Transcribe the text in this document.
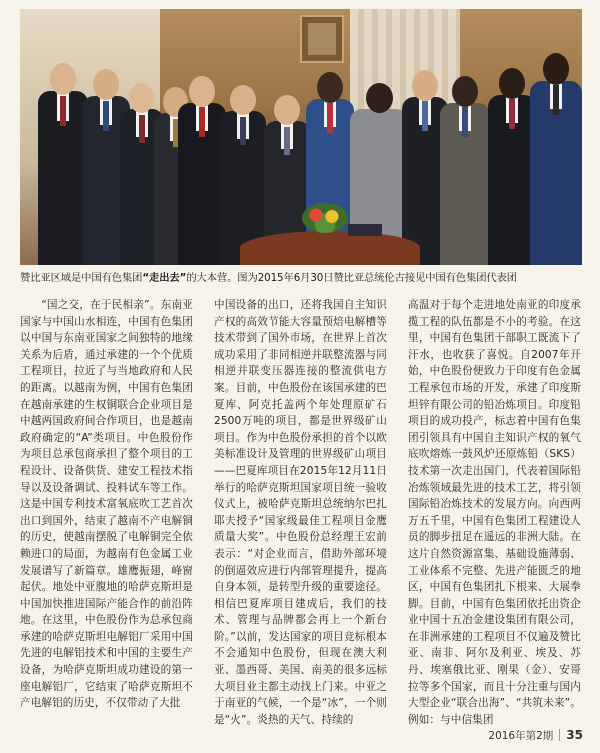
赞比亚区域是中国有色集团“走出去”的大本营。图为2015年6月30日赞比亚总统伦古接见中国有色集团代表团

“国之交，在于民相亲”。东南亚国家与中国山水相连，中国有色集团以中国与东南亚国家之间独特的地缘关系为后盾，通过承建的一个个优质工程项目，拉近了与当地政府和人民的距离。以越南为例，中国有色集团在越南承建的生权铜联合企业项目是中越两国政府间合作项目，也是越南政府确定的“A”类项目。中色股份作为项目总承包商承担了整个项目的工程设计、设备供货、建安工程技术指导以及设备调试、投料试车等工作。这是中国专利技术富氧底吹工艺首次出口到国外，结束了越南不产电解铜的历史，使越南摆脱了电解铜完全依赖进口的局面，为越南有色金属工业发展谱写了新篇章。雄鹰振翅，峰窗起伏。地处中亚腹地的哈萨克斯坦是中国加快推进国际产能合作的前沿阵地。在这里，中色股份作为总承包商承建的哈萨克斯坦电解铝厂采用中国先进的电解铝技术和中国的主要生产设备，为哈萨克斯坦成功建设的第一座电解铝厂，它结束了哈萨克斯坦不产电解铝的历史，不仅带动了大批

中国设备的出口，还将我国自主知识产权的高效节能大容量预焙电解槽等技术带到了国外市场，在世界上首次成功采用了非同相逆并联整流器与同相逆并联变压器连接的整流供电方案。目前，中色股份在该国承建的巴夏库、阿克托盖两个年处理原矿石2500万吨的项目，都是世界级矿山项目。作为中色股份承担的首个以欧美标准设计及管理的世界级矿山项目——巴夏库项目在2015年12月11日举行的哈萨克斯坦国家项目统一验收仪式上，被哈萨克斯坦总统纳尔巴扎耶夫授予“国家级最佳工程项目金鹰质量大奖”。中色股份总经理王宏前表示：“对企业而言，借助外部环境的倒逼效应进行内部管理提升，提高自身本领，是转型升级的重要途径。相信巴夏库项目建成后，我们的技术、管理与品牌都会再上一个新台阶。”以前，发达国家的项目竞标根本不会通知中色股份，但现在澳大利亚、墨西哥、美国、南美的很多远标大项目业主都主动找上门来。中亚之于南亚的气候，一个是“冰”，一个则是“火”。炎热的天气、持续的

高温对于每个走进地处南亚的印度承揽工程的队伍都是不小的考验。在这里，中国有色集团干部职工既流下了汗水，也收获了喜悦。自2007年开始，中色股份便致力于印度有色金属工程承包市场的开发，承建了印度斯坦锌有限公司的铅冶炼项目。印度铅项目的成功投产，标志着中国有色集团引领具有中国自主知识产权的氧气底吹熔炼一鼓风炉还原炼铅（SKS）技术第一次走出国门，代表着国际铅冶炼领域最先进的技术工艺，将引领国际铅冶炼技术的发展方向。向西两万五千里，中国有色集团工程建设人员的脚步扭足在遥远的非洲大陆。在这片自然资源富集、基础设施薄弱、工业体系不完整、先进产能匮乏的地区，中国有色集团扎下根来、大展拳脚。目前，中国有色集团依托出资企业中国十五冶金建设集团有限公司，在非洲承建的工程项目不仅遍及赞比亚、南非、阿尔及利亚、埃及、苏丹、埃塞俄比亚、刚果（金）、安哥拉等多个国家，而且十分注重与国内大型企业“联合出海”、“共筑未来”。例如：与中信集团

2016年第2期 35
